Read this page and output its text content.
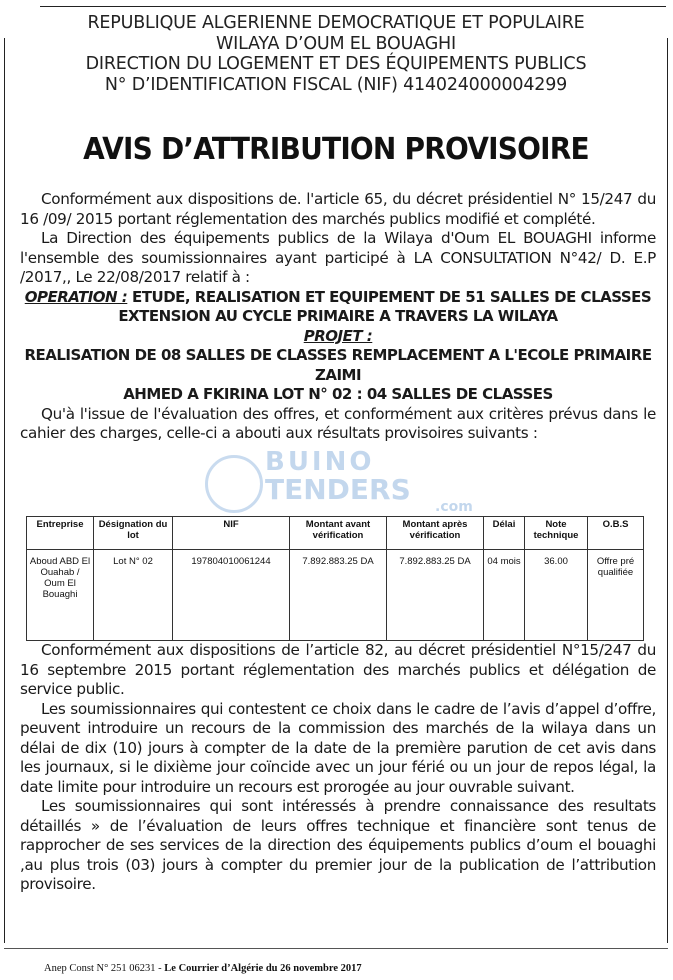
REPUBLIQUE ALGERIENNE DEMOCRATIQUE ET POPULAIRE
WILAYA D’OUM EL BOUAGHI
DIRECTION DU LOGEMENT ET DES ÉQUIPEMENTS PUBLICS
N° D’IDENTIFICATION FISCAL (NIF) 414024000004299
AVIS D’ATTRIBUTION PROVISOIRE

Conformément aux dispositions de. l'article 65, du décret présidentiel N° 15/247 du 16 /09/ 2015 portant réglementation des marchés publics modifié et complété.

La Direction des équipements publics de la Wilaya d'Oum EL BOUAGHI informe l'ensemble des soumissionnaires ayant participé à LA CONSULTATION N°42/ D. E.P /2017,, Le 22/08/2017 relatif à :

OPERATION : ETUDE, REALISATION ET EQUIPEMENT DE 51 SALLES DE CLASSES EXTENSION AU CYCLE PRIMAIRE A TRAVERS LA WILAYA

PROJET :

REALISATION DE 08 SALLES DE CLASSES REMPLACEMENT A L'ECOLE PRIMAIRE ZAIMI

AHMED A FKIRINA LOT N° 02 : 04 SALLES DE CLASSES

Qu'à l'issue de l'évaluation des offres, et conformément aux critères prévus dans le cahier des charges, celle-ci a abouti aux résultats provisoires suivants :

BUINO
TENDERS
.com
Entreprise	Désignation du lot	NIF	Montant avant vérification	Montant après vérification	Délai	Note technique	O.B.S
Aboud ABD El Ouahab / Oum El Bouaghi	Lot N° 02	197804010061244	7.892.883.25 DA	7.892.883.25 DA	04 mois	36.00	Offre pré qualifiée

Conformément aux dispositions de l’article 82, au décret présidentiel N°15/247 du 16 septembre 2015 portant réglementation des marchés publics et délégation de service public.

Les soumissionnaires qui contestent ce choix dans le cadre de l’avis d’appel d’offre, peuvent introduire un recours de la commission des marchés de la wilaya dans un délai de dix (10) jours à compter de la date de la première parution de cet avis dans les journaux, si le dixième jour coïncide avec un jour férié ou un jour de repos légal, la date limite pour introduire un recours est prorogée au jour ouvrable suivant.

Les soumissionnaires qui sont intéressés à prendre connaissance des resultats détaillés » de l’évaluation de leurs offres technique et financière sont tenus de rapprocher de ses services de la direction des équipements publics d’oum el bouaghi ,au plus trois (03) jours à compter du premier jour de la publication de l’attribution provisoire.

Anep Const N° 251 06231 - Le Courrier d’Algérie du 26 novembre 2017
